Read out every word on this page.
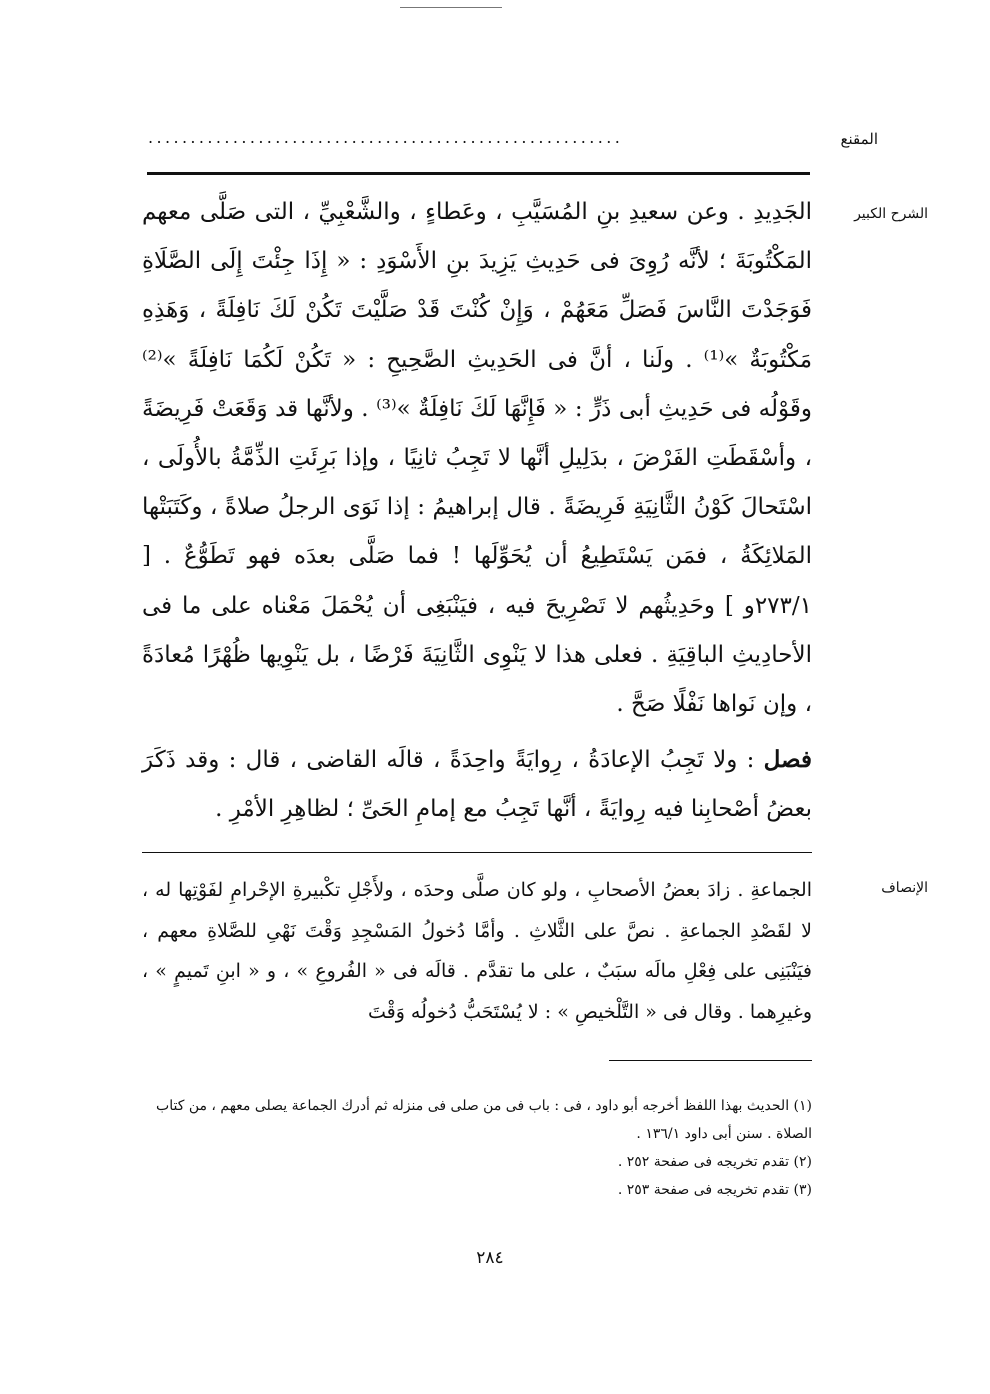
المقنع
........................................................
الشرح الكبير

الجَدِيدِ . وعن سعيدِ بنِ المُسَيَّبِ ، وعَطاءٍ ، والشَّعْبِيِّ ، التى صَلَّى معهم المَكْتُوبَةَ ؛ لأنَّه رُوِىَ فى حَدِيثِ يَزِيدَ بنِ الأَسْوَدِ : « إِذَا جِئْتَ إِلَى الصَّلَاةِ فَوَجَدْتَ النَّاسَ فَصَلِّ مَعَهُمْ ، وَإِنْ كُنْتَ قَدْ صَلَّيْتَ تَكُنْ لَكَ نَافِلَةً ، وَهَذِهِ مَكْتُوبَةٌ »⁽¹⁾ . ولَنا ، أنَّ فى الحَدِيثِ الصَّحِيحِ : « تَكُنْ لَكُمَا نَافِلَةً »⁽²⁾ وقَوْلُه فى حَدِيثِ أبى ذَرٍّ : « فَإِنَّهَا لَكَ نَافِلَةٌ »⁽³⁾ . ولأنَّها قد وَقَعَتْ فَرِيضَةً ، وأسْقَطَتِ الفَرْضَ ، بدَلِيلِ أنَّها لا تَجِبُ ثانِيًا ، وإذا بَرِئَتِ الذِّمَّةُ بالأُولَى ، اسْتَحالَ كَوْنُ الثَّانِيَةِ فَرِيضَةً . قال إبراهيمُ : إذا نَوَى الرجلُ صلاةً ، وكَتَبَتْها المَلائِكَةُ ، فمَن يَسْتَطِيعُ أن يُحَوِّلَها ! فما صَلَّى بعدَه فهو تَطَوُّعٌ . [ ٢٧٣/١و ] وحَدِيثُهم لا تَصْرِيحَ فيه ، فيَنْبَغِى أن يُحْمَلَ مَعْناه على ما فى الأحادِيثِ الباقِيَةِ . فعلى هذا لا يَنْوِى الثَّانِيَةَ فَرْضًا ، بل يَنْوِيها ظُهْرًا مُعادَةً ، وإن نَواها نَفْلًا صَحَّ .

فصل : ولا تَجِبُ الإعادَةُ ، رِوايَةً واحِدَةً ، قالَه القاضى ، قال : وقد ذَكَرَ بعضُ أصْحابِنا فيه رِوايَةً ، أنَّها تَجِبُ مع إمامِ الحَىِّ ؛ لظاهِرِ الأمْرِ .

الإنصاف

الجماعةِ . زادَ بعضُ الأصحابِ ، ولو كان صلَّى وحدَه ، ولأَجْلِ تكْبيرةِ الإحْرامِ لفَوْتِها له ، لا لقَصْدِ الجماعةِ . نصَّ على الثَّلاثِ . وأمَّا دُخولُ المَسْجِدِ وَقْتَ نَهْىِ للصَّلاةِ معهم ، فيَنْبَنِى على فِعْلِ مالَه سبَبٌ ، على ما تقدَّم . قالَه فى « الفُروعِ » ، و « ابنِ تَميمٍ » ، وغيرِهما . وقال فى « التَّلْخيصِ » : لا يُسْتَحَبُّ دُخولُه وَقْتَ

(١) الحديث بهذا اللفظ أخرجه أبو داود ، فى : باب فى من صلى فى منزله ثم أدرك الجماعة يصلى معهم ، من كتاب الصلاة . سنن أبى داود ١٣٦/١ .

(٢) تقدم تخريجه فى صفحة ٢٥٢ .

(٣) تقدم تخريجه فى صفحة ٢٥٣ .

٢٨٤
